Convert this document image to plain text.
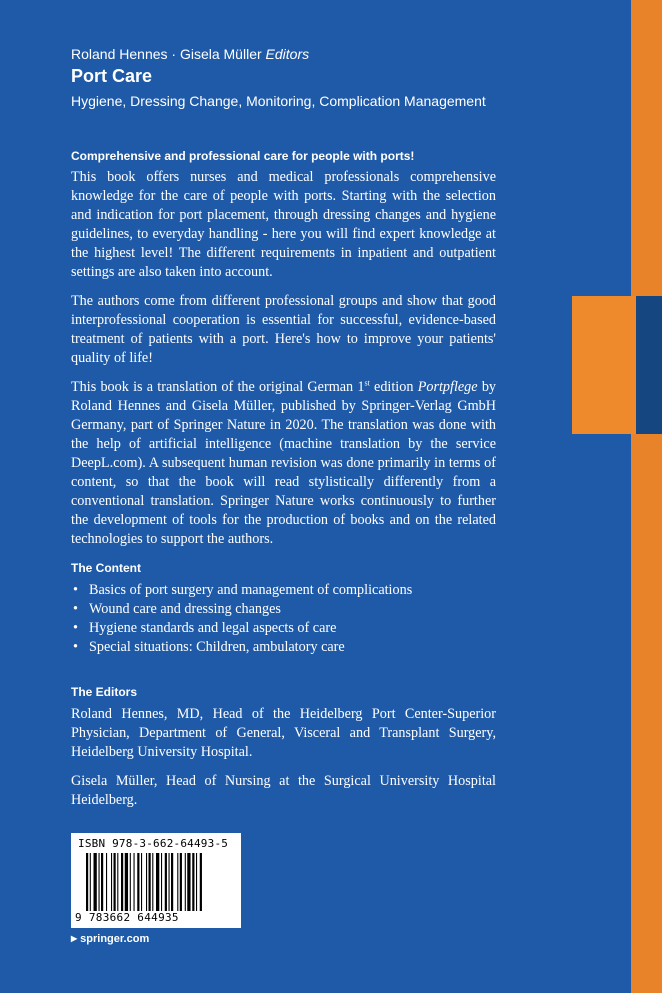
Roland Hennes · Gisela Müller Editors
Port Care
Hygiene, Dressing Change, Monitoring, Complication Management
Comprehensive and professional care for people with ports!

This book offers nurses and medical professionals comprehensive knowledge for the care of people with ports. Starting with the selection and indication for port placement, through dressing changes and hygiene guidelines, to everyday handling - here you will find expert knowledge at the highest level! The different requirements in inpatient and outpatient settings are also taken into account.

The authors come from different professional groups and show that good interprofessional cooperation is essential for successful, evidence-based treatment of patients with a port. Here's how to improve your patients' quality of life!

This book is a translation of the original German 1st edition Portpflege by Roland Hennes and Gisela Müller, published by Springer-Verlag GmbH Germany, part of Springer Nature in 2020. The translation was done with the help of artificial intelligence (machine translation by the service DeepL.com). A subsequent human revision was done primarily in terms of content, so that the book will read stylistically differently from a conventional translation. Springer Nature works continuously to further the development of tools for the production of books and on the related technologies to support the authors.

The Content
• Basics of port surgery and management of complications
• Wound care and dressing changes
• Hygiene standards and legal aspects of care
• Special situations: Children, ambulatory care
The Editors

Roland Hennes, MD, Head of the Heidelberg Port Center-Superior Physician, Department of General, Visceral and Transplant Surgery, Heidelberg University Hospital.

Gisela Müller, Head of Nursing at the Surgical University Hospital Heidelberg.

ISBN 978-3-662-64493-5
9 783662 644935
▶ springer.com
